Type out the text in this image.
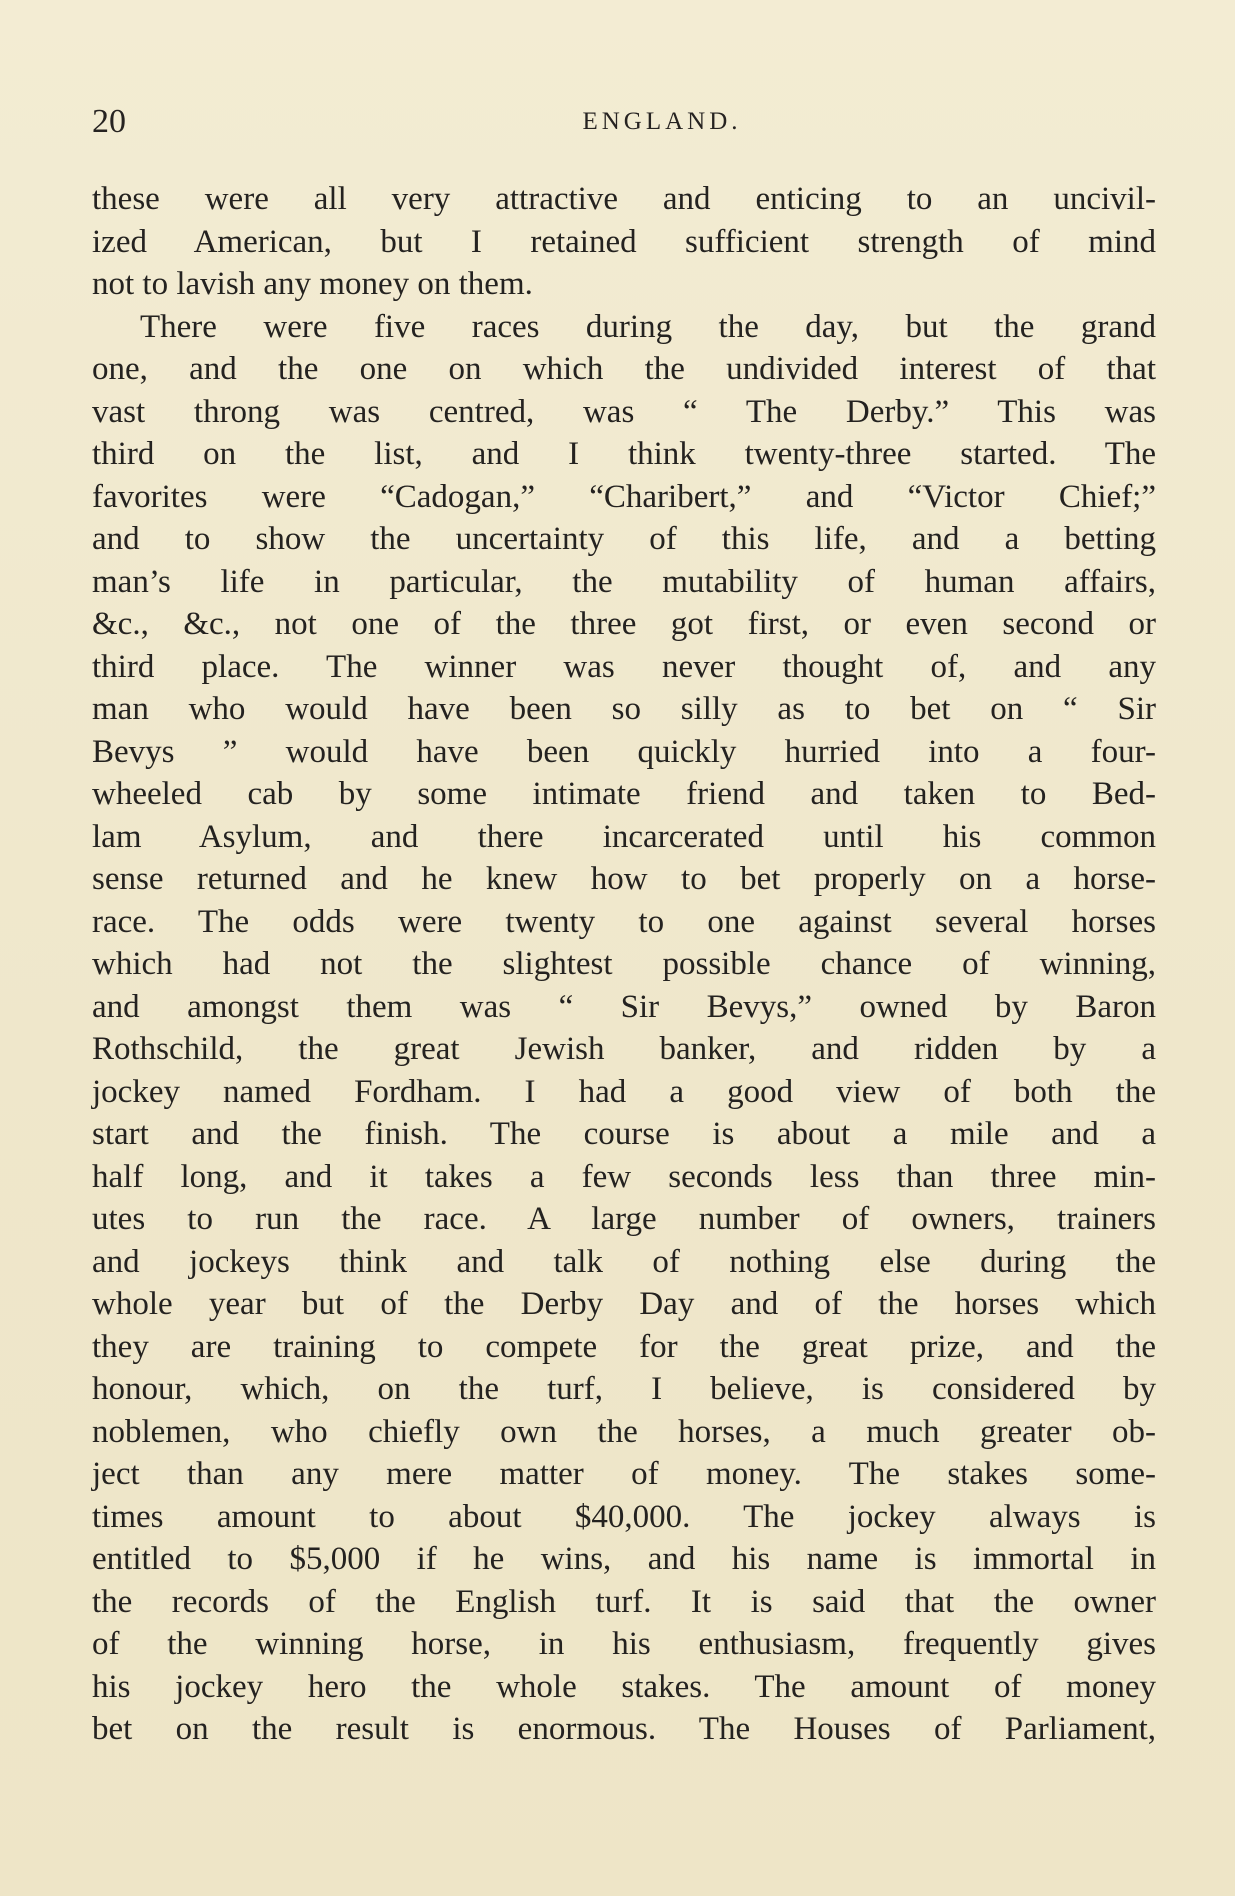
20	ENGLAND.
these were all very attractive and enticing to an uncivil-
ized American, but I retained sufficient strength of mind
not to lavish any money on them.
There were five races during the day, but the grand
one, and the one on which the undivided interest of that
vast throng was centred, was “ The Derby.” This was
third on the list, and I think twenty-three started. The
favorites were “Cadogan,” “Charibert,” and “Victor Chief;”
and to show the uncertainty of this life, and a betting
man’s life in particular, the mutability of human affairs,
&c., &c., not one of the three got first, or even second or
third place. The winner was never thought of, and any
man who would have been so silly as to bet on “ Sir
Bevys ” would have been quickly hurried into a four-
wheeled cab by some intimate friend and taken to Bed-
lam Asylum, and there incarcerated until his common
sense returned and he knew how to bet properly on a horse-
race. The odds were twenty to one against several horses
which had not the slightest possible chance of winning,
and amongst them was “ Sir Bevys,” owned by Baron
Rothschild, the great Jewish banker, and ridden by a
jockey named Fordham. I had a good view of both the
start and the finish. The course is about a mile and a
half long, and it takes a few seconds less than three min-
utes to run the race. A large number of owners, trainers
and jockeys think and talk of nothing else during the
whole year but of the Derby Day and of the horses which
they are training to compete for the great prize, and the
honour, which, on the turf, I believe, is considered by
noblemen, who chiefly own the horses, a much greater ob-
ject than any mere matter of money. The stakes some-
times amount to about $40,000. The jockey always is
entitled to $5,000 if he wins, and his name is immortal in
the records of the English turf. It is said that the owner
of the winning horse, in his enthusiasm, frequently gives
his jockey hero the whole stakes. The amount of money
bet on the result is enormous. The Houses of Parliament,
